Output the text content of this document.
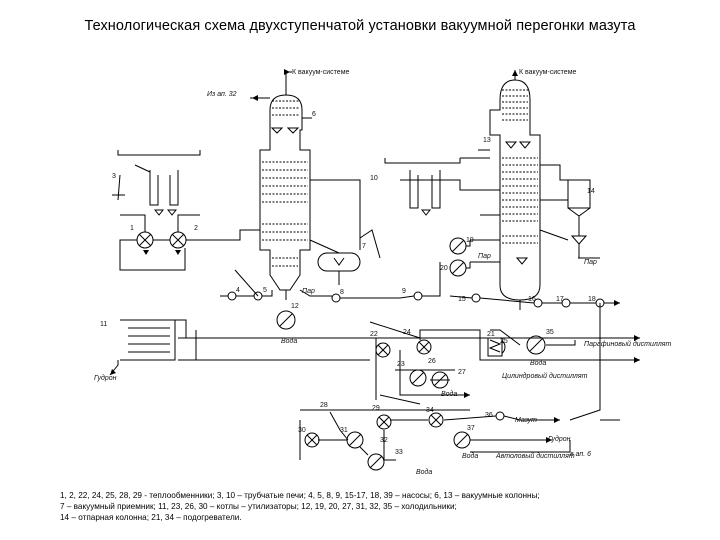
Технологическая схема двухступенчатой установки вакуумной перегонки мазута
К вакуум-системе	К вакуум-системе
Из ап. 32
Пар
Пар
Пар
Вода
Вода
Вода
Вода
Вода
Мазут
Гудрон
Гудрон
Парафиновый дистиллят
Цилиндровый дистиллят
Автоловый дистиллят
в ап. 6
1	2
3
4	5
6
7
8	9
10
11
12
13
14
15	16	17	18
19
20
21
22
23
24
25
26
27
28	29
30	31
32
33
34
35
36
37
1, 2, 22, 24, 25, 28, 29 - теплообменники; 3, 10 – трубчатые печи; 4, 5, 8, 9, 15-17, 18, 39 – насосы; 6, 13 – вакуумные колонны;
7 – вакуумный приемник; 11, 23, 26, 30 – котлы – утилизаторы; 12, 19, 20, 27, 31, 32, 35 – холодильники;
14 – отпарная колонна; 21, 34 – подогреватели.
